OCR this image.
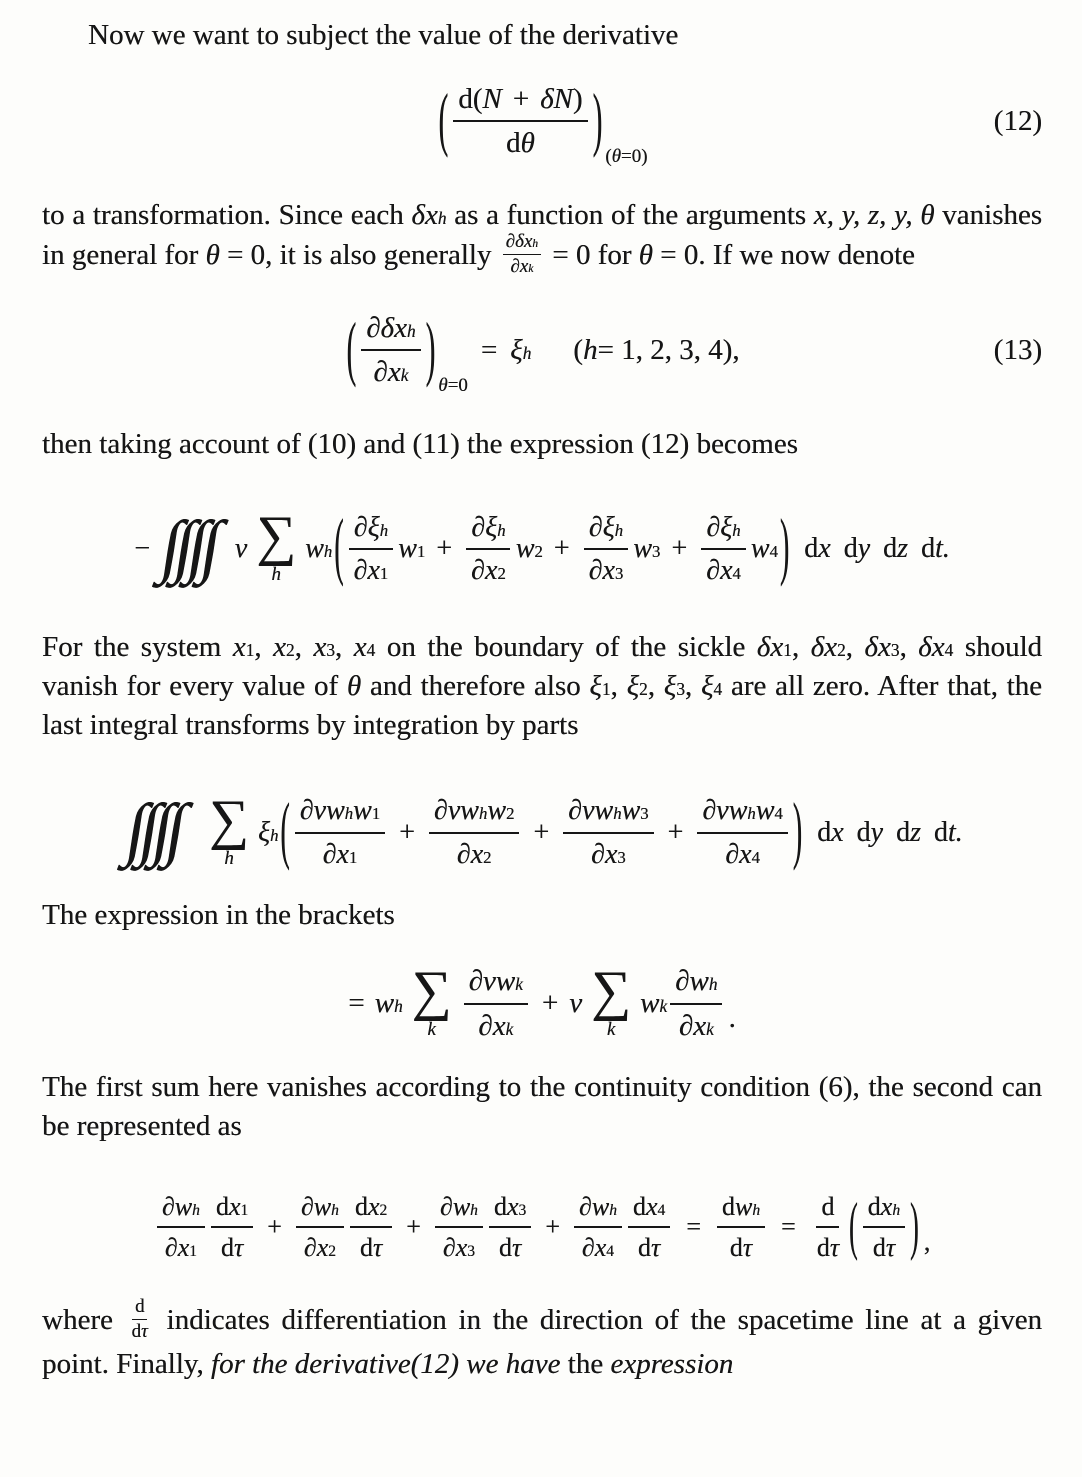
Now we want to subject the value of the derivative

( $\frac{d( N + \delta N )}{\text{d θ}}$ ) ( θ =0)
(12)

to a transformation. Since each δx h as a function of the arguments x, y, z, y, θ vanishes in general for θ = 0, it is also generally ∂δx h
∂x k = 0 for θ = 0. If we now denote

( ∂δx h
∂x k ) θ =0
= ξ h ( h = 1, 2, 3, 4),	(13)

then taking account of (10) and (11) the expression (12) becomes

− ∫∫∫∫ ν ∑
h
w h ( $\frac{\text{∂ξ h}}{\partial x 1}$ w $1 + \frac{\text{∂ξ h}}{\partial x 2}$ w $2 + \frac{\text{∂ξ h}}{\partial x 3}$ w $3 + \frac{\text{∂ξ h}}{\partial x 4}$ w 4 ) d x d y d z d t.

For the system x 1 , x 2 , x 3 , x 4 on the boundary of the sickle δx 1 , δx 2 , δx 3 , δx 4 should vanish for every value of θ and therefore also ξ 1 , ξ 2 , ξ 3 , ξ 4 are all zero. After that, the last integral transforms by integration by parts

∫∫∫∫ ∑
h
ξ h ( ∂νw h w 1
∂x 1
+
∂νw h w 2
∂x 2
+
∂νw h w 3
∂x 3
+
∂νw h w 4
∂x 4 ) d x d y d z d t.

The expression in the brackets

= w h ∑
k
∂νw k
∂x k
+ ν ∑
k
w k $\frac{\text{∂w h}}{\text{∂x k}}$ .

The first sum here vanishes according to the continuity condition (6), the second can be represented as

$\frac{\text{∂w h}}{\partial x 1} \frac{\text{d x 1}}{\text{d τ}} + \frac{\text{∂w h}}{\partial x 2} \frac{\text{d x 2}}{\text{d τ}} + \frac{\text{∂w h}}{\partial x 3} \frac{\text{d x 3}}{\text{d τ}} + \frac{\text{∂w h}}{\partial x 4} \frac{\text{d x 4}}{\text{d τ}}$ =
d w h
d τ
= $\frac{d}{\text{d τ}}$ ( d x h
d τ ) ,

where $\frac{d}{\text{d τ}}$ indicates differentiation in the direction of the spacetime line at a given point. Finally, for the derivative(12) we have the expression
